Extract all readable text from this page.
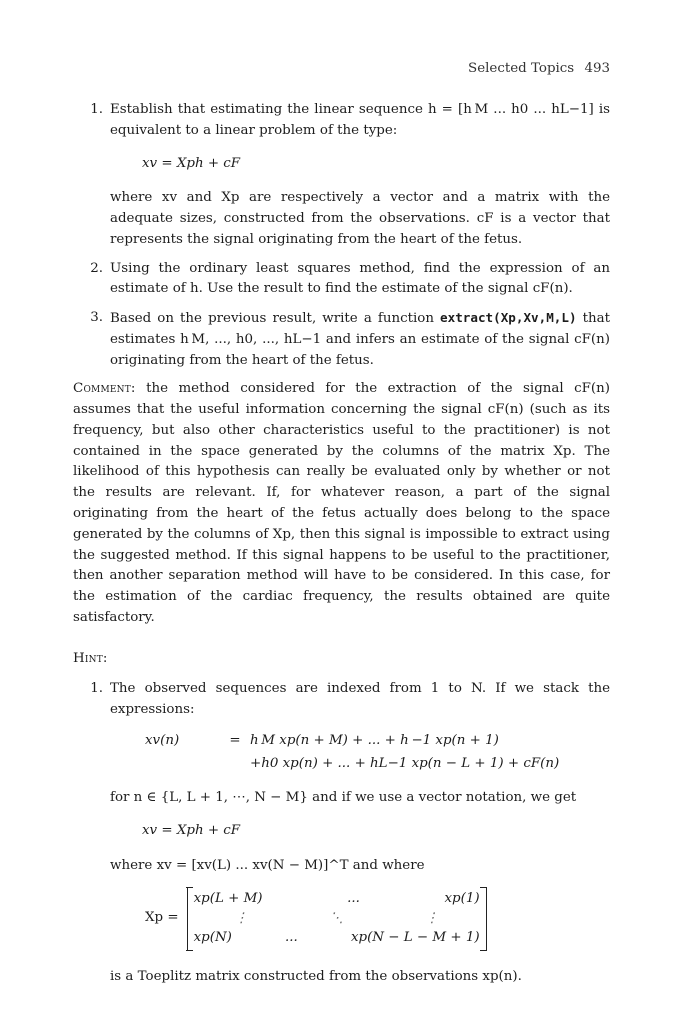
Selected Topics 493
1. Establish that estimating the linear sequence h = [h M ... h0 ... hL−1] is equivalent to a linear problem of the type:
xv = Xph + cF
where xv and Xp are respectively a vector and a matrix with the adequate sizes, constructed from the observations. cF is a vector that represents the signal originating from the heart of the fetus.
2. Using the ordinary least squares method, find the expression of an estimate of h. Use the result to find the estimate of the signal cF(n).
3. Based on the previous result, write a function extract(Xp,Xv,M,L) that estimates h M, ..., h0, ..., hL−1 and infers an estimate of the signal cF(n) originating from the heart of the fetus.
Comment: the method considered for the extraction of the signal cF(n) assumes that the useful information concerning the signal cF(n) (such as its frequency, but also other characteristics useful to the practitioner) is not contained in the space generated by the columns of the matrix Xp. The likelihood of this hypothesis can really be evaluated only by whether or not the results are relevant. If, for whatever reason, a part of the signal originating from the heart of the fetus actually does belong to the space generated by the columns of Xp, then this signal is impossible to extract using the suggested method. If this signal happens to be useful to the practitioner, then another separation method will have to be considered. In this case, for the estimation of the cardiac frequency, the results obtained are quite satisfactory.
Hint:
1. The observed sequences are indexed from 1 to N. If we stack the expressions:
xv(n)	= h M xp(n + M) + ... + h −1 xp(n + 1)
+h0 xp(n) + ... + hL−1 xp(n − L + 1) + cF(n)
for n ∈ {L, L + 1, ⋯, N − M} and if we use a vector notation, we get
xv = Xph + cF
where xv = [xv(L) ... xv(N − M)]^T and where
Xp =
xp(L + M)	...	xp(1)
⋮	⋱	⋮
xp(N)	...	xp(N − L − M + 1)
is a Toeplitz matrix constructed from the observations xp(n).
